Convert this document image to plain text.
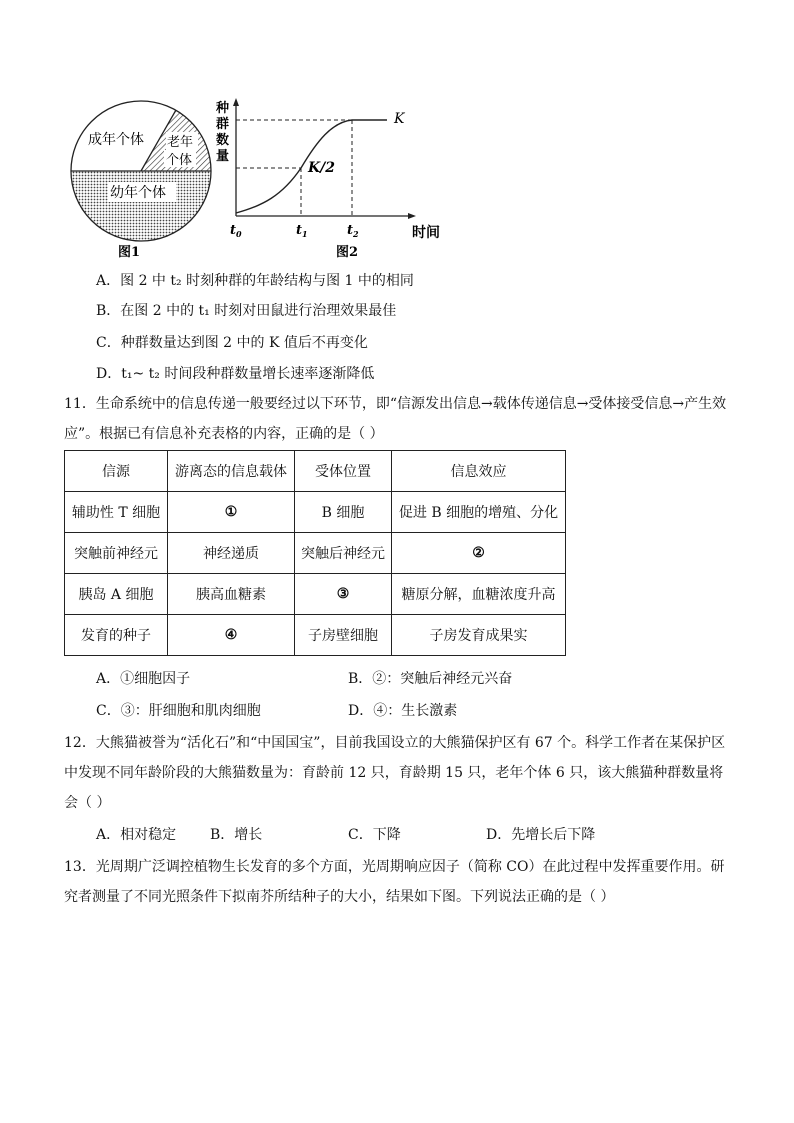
成年个体 老年
个体
幼年个体
图1
种
群
数
量
K
K/2
$t_0$	$t_1$	$t_2$	时间
图2
A．图 2 中 t₂ 时刻种群的年龄结构与图 1 中的相同
B．在图 2 中的 t₁ 时刻对田鼠进行治理效果最佳
C．种群数量达到图 2 中的 K 值后不再变化
D．t₁~ t₂ 时间段种群数量增长速率逐渐降低
11．生命系统中的信息传递一般要经过以下环节，即“信源发出信息→载体传递信息→受体接受信息→产生效应”。根据已有信息补充表格的内容，正确的是（ ）
信源	游离态的信息载体	受体位置	信息效应
辅助性 T 细胞	①	B 细胞	促进 B 细胞的增殖、分化
突触前神经元	神经递质	突触后神经元	②
胰岛 A 细胞	胰高血糖素	③	糖原分解，血糖浓度升高
发育的种子	④	子房壁细胞	子房发育成果实
A．①细胞因子	B．②：突触后神经元兴奋
C．③：肝细胞和肌肉细胞	D．④：生长激素
12．大熊猫被誉为“活化石”和“中国国宝”，目前我国设立的大熊猫保护区有 67 个。科学工作者在某保护区中发现不同年龄阶段的大熊猫数量为：育龄前 12 只，育龄期 15 只，老年个体 6 只，该大熊猫种群数量将会（ ）
A．相对稳定 B．增长	C．下降	D．先增长后下降
13．光周期广泛调控植物生长发育的多个方面，光周期响应因子（简称 CO）在此过程中发挥重要作用。研究者测量了不同光照条件下拟南芥所结种子的大小，结果如下图。下列说法正确的是（ ）
